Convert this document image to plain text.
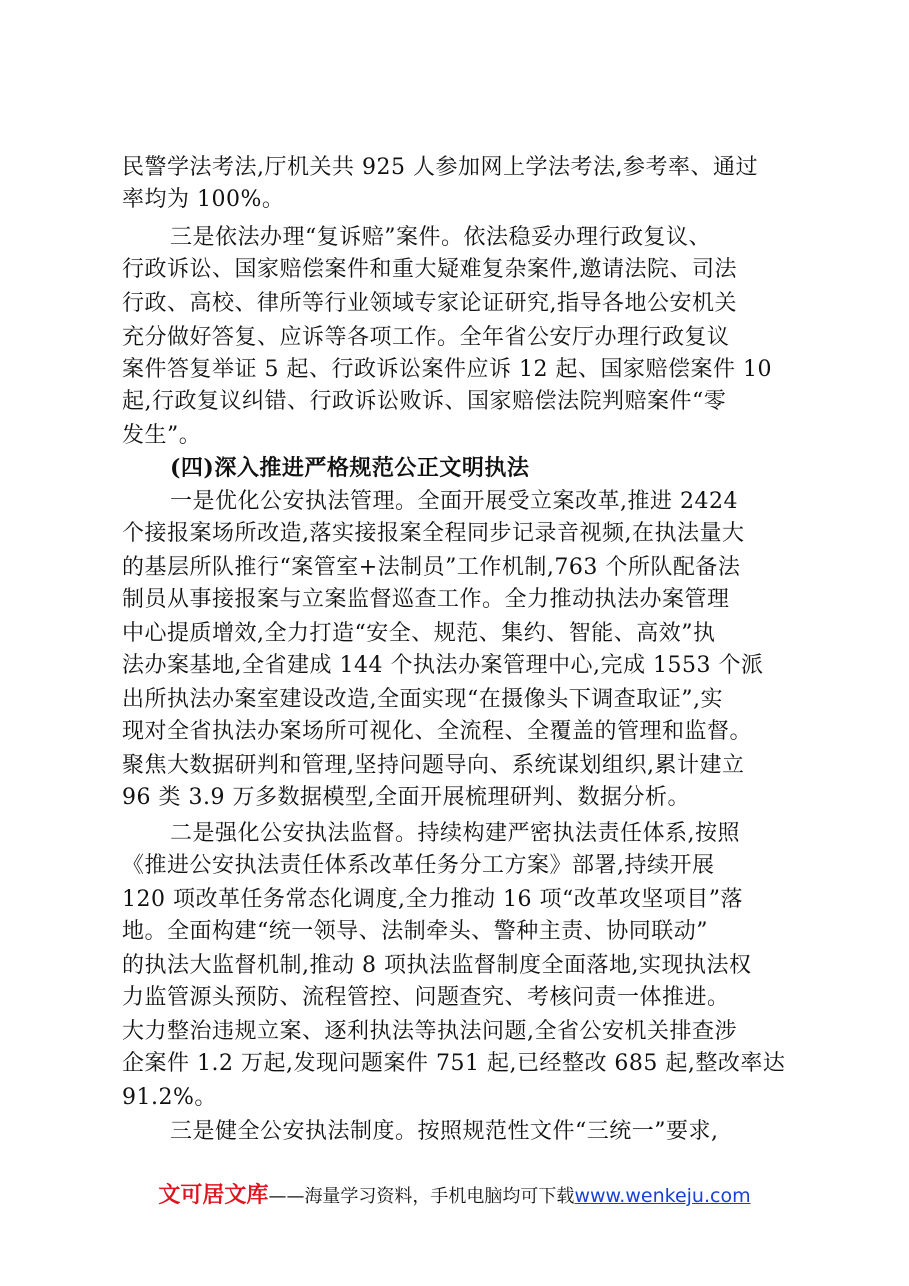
民警学法考法,厅机关共 925 人参加网上学法考法,参考率、通过
率均为 100%。
三是依法办理“复诉赔”案件。依法稳妥办理行政复议、
行政诉讼、国家赔偿案件和重大疑难复杂案件,邀请法院、司法
行政、高校、律所等行业领域专家论证研究,指导各地公安机关
充分做好答复、应诉等各项工作。全年省公安厅办理行政复议
案件答复举证 5 起、行政诉讼案件应诉 12 起、国家赔偿案件 10
起,行政复议纠错、行政诉讼败诉、国家赔偿法院判赔案件“零
发生”。
(四)深入推进严格规范公正文明执法
一是优化公安执法管理。全面开展受立案改革,推进 2424
个接报案场所改造,落实接报案全程同步记录音视频,在执法量大
的基层所队推行“案管室+法制员”工作机制,763 个所队配备法
制员从事接报案与立案监督巡查工作。全力推动执法办案管理
中心提质增效,全力打造“安全、规范、集约、智能、高效”执
法办案基地,全省建成 144 个执法办案管理中心,完成 1553 个派
出所执法办案室建设改造,全面实现“在摄像头下调查取证”,实
现对全省执法办案场所可视化、全流程、全覆盖的管理和监督。
聚焦大数据研判和管理,坚持问题导向、系统谋划组织,累计建立
96 类 3.9 万多数据模型,全面开展梳理研判、数据分析。
二是强化公安执法监督。持续构建严密执法责任体系,按照
《推进公安执法责任体系改革任务分工方案》部署,持续开展
120 项改革任务常态化调度,全力推动 16 项“改革攻坚项目”落
地。全面构建“统一领导、法制牵头、警种主责、协同联动”
的执法大监督机制,推动 8 项执法监督制度全面落地,实现执法权
力监管源头预防、流程管控、问题查究、考核问责一体推进。
大力整治违规立案、逐利执法等执法问题,全省公安机关排查涉
企案件 1.2 万起,发现问题案件 751 起,已经整改 685 起,整改率达
91.2%。
三是健全公安执法制度。按照规范性文件“三统一”要求,
文可居文库——海量学习资料，手机电脑均可下载www.wenkeju.com
